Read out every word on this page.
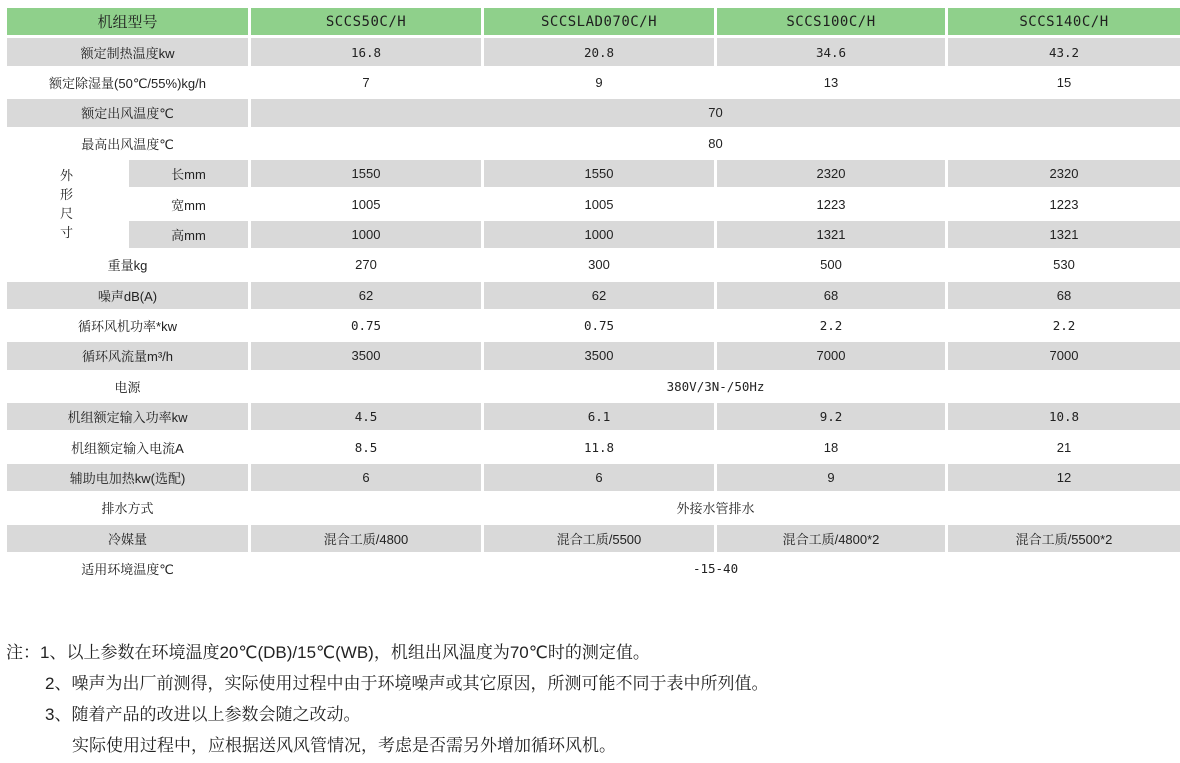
机组型号		SCCS50C/H	SCCSLAD070C/H	SCCS100C/H	SCCS140C/H
额定制热温度kw		16.8	20.8	34.6	43.2
额定除湿量(50℃/55%)kg/h		7	9	13	15
额定出风温度℃		70			
最高出风温度℃		80			

外
形
尺
寸	长mm	1550	1550	2320	2320
	宽mm	1005	1005	1223	1223
	高mm	1000	1000	1321	1321
重量kg		270	300	500	530
噪声dB(A)		62	62	68	68
循环风机功率*kw		0.75	0.75	2.2	2.2
循环风流量m³/h		3500	3500	7000	7000
电源		380V/3N-/50Hz			
机组额定输入功率kw		4.5	6.1	9.2	10.8
机组额定输入电流A		8.5	11.8	18	21
辅助电加热kw(选配)		6	6	9	12
排水方式		外接水管排水			
冷媒量		混合工质/4800	混合工质/5500	混合工质/4800*2	混合工质/5500*2
适用环境温度℃		-15-40			
注：1、以上参数在环境温度20℃(DB)/15℃(WB)，机组出风温度为70℃时的测定值。
2、噪声为出厂前测得，实际使用过程中由于环境噪声或其它原因，所测可能不同于表中所列值。
3、随着产品的改进以上参数会随之改动。
实际使用过程中，应根据送风风管情况，考虑是否需另外增加循环风机。
